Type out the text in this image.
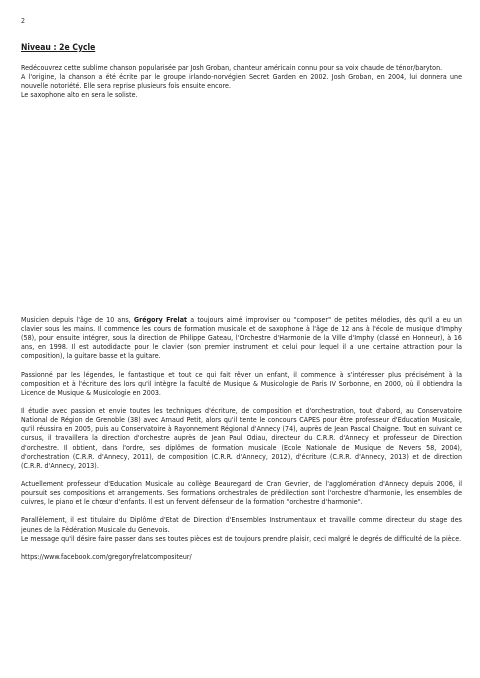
2
Niveau : 2e Cycle

Redécouvrez cette sublime chanson popularisée par Josh Groban, chanteur américain connu pour sa voix chaude de ténor/baryton.

A l'origine, la chanson a été écrite par le groupe irlando-norvégien Secret Garden en 2002. Josh Groban, en 2004, lui donnera une nouvelle notoriété. Elle sera reprise plusieurs fois ensuite encore.

Le saxophone alto en sera le soliste.

Musicien depuis l'âge de 10 ans, Grégory Frelat a toujours aimé improviser ou "composer" de petites mélodies, dès qu'il a eu un clavier sous les mains. Il commence les cours de formation musicale et de saxophone à l'âge de 12 ans à l'école de musique d'Imphy (58), pour ensuite intégrer, sous la direction de Philippe Gateau, l'Orchestre d'Harmonie de la Ville d'Imphy (classé en Honneur), à 16 ans, en 1998. Il est autodidacte pour le clavier (son premier instrument et celui pour lequel il a une certaine attraction pour la composition), la guitare basse et la guitare.

Passionné par les légendes, le fantastique et tout ce qui fait rêver un enfant, il commence à s'intéresser plus précisément à la composition et à l'écriture des lors qu'il intègre la faculté de Musique & Musicologie de Paris IV Sorbonne, en 2000, où il obtiendra la Licence de Musique & Musicologie en 2003.

Il étudie avec passion et envie toutes les techniques d'écriture, de composition et d'orchestration, tout d'abord, au Conservatoire National de Région de Grenoble (38) avec Arnaud Petit, alors qu'il tente le concours CAPES pour être professeur d'Education Musicale, qu'il réussira en 2005, puis au Conservatoire à Rayonnement Régional d'Annecy (74), auprès de Jean Pascal Chaigne. Tout en suivant ce cursus, il travaillera la direction d'orchestre auprès de Jean Paul Odiau, directeur du C.R.R. d'Annecy et professeur de Direction d'orchestre. Il obtient, dans l'ordre, ses diplômes de formation musicale (Ecole Nationale de Musique de Nevers 58, 2004), d'orchestration (C.R.R. d'Annecy, 2011), de composition (C.R.R. d'Annecy, 2012), d'écriture (C.R.R. d'Annecy, 2013) et de direction (C.R.R. d'Annecy, 2013).

Actuellement professeur d'Education Musicale au collège Beauregard de Cran Gevrier, de l'agglomération d'Annecy depuis 2006, il poursuit ses compositions et arrangements. Ses formations orchestrales de prédilection sont l'orchestre d'harmonie, les ensembles de cuivres, le piano et le chœur d'enfants. Il est un fervent défenseur de la formation "orchestre d'harmonie".

Parallèlement, il est titulaire du Diplôme d'Etat de Direction d'Ensembles Instrumentaux et travaille comme directeur du stage des jeunes de la Fédération Musicale du Genevois.
Le message qu'il désire faire passer dans ses toutes pièces est de toujours prendre plaisir, ceci malgré le degrés de difficulté de la pièce.

https://www.facebook.com/gregoryfrelatcompositeur/
